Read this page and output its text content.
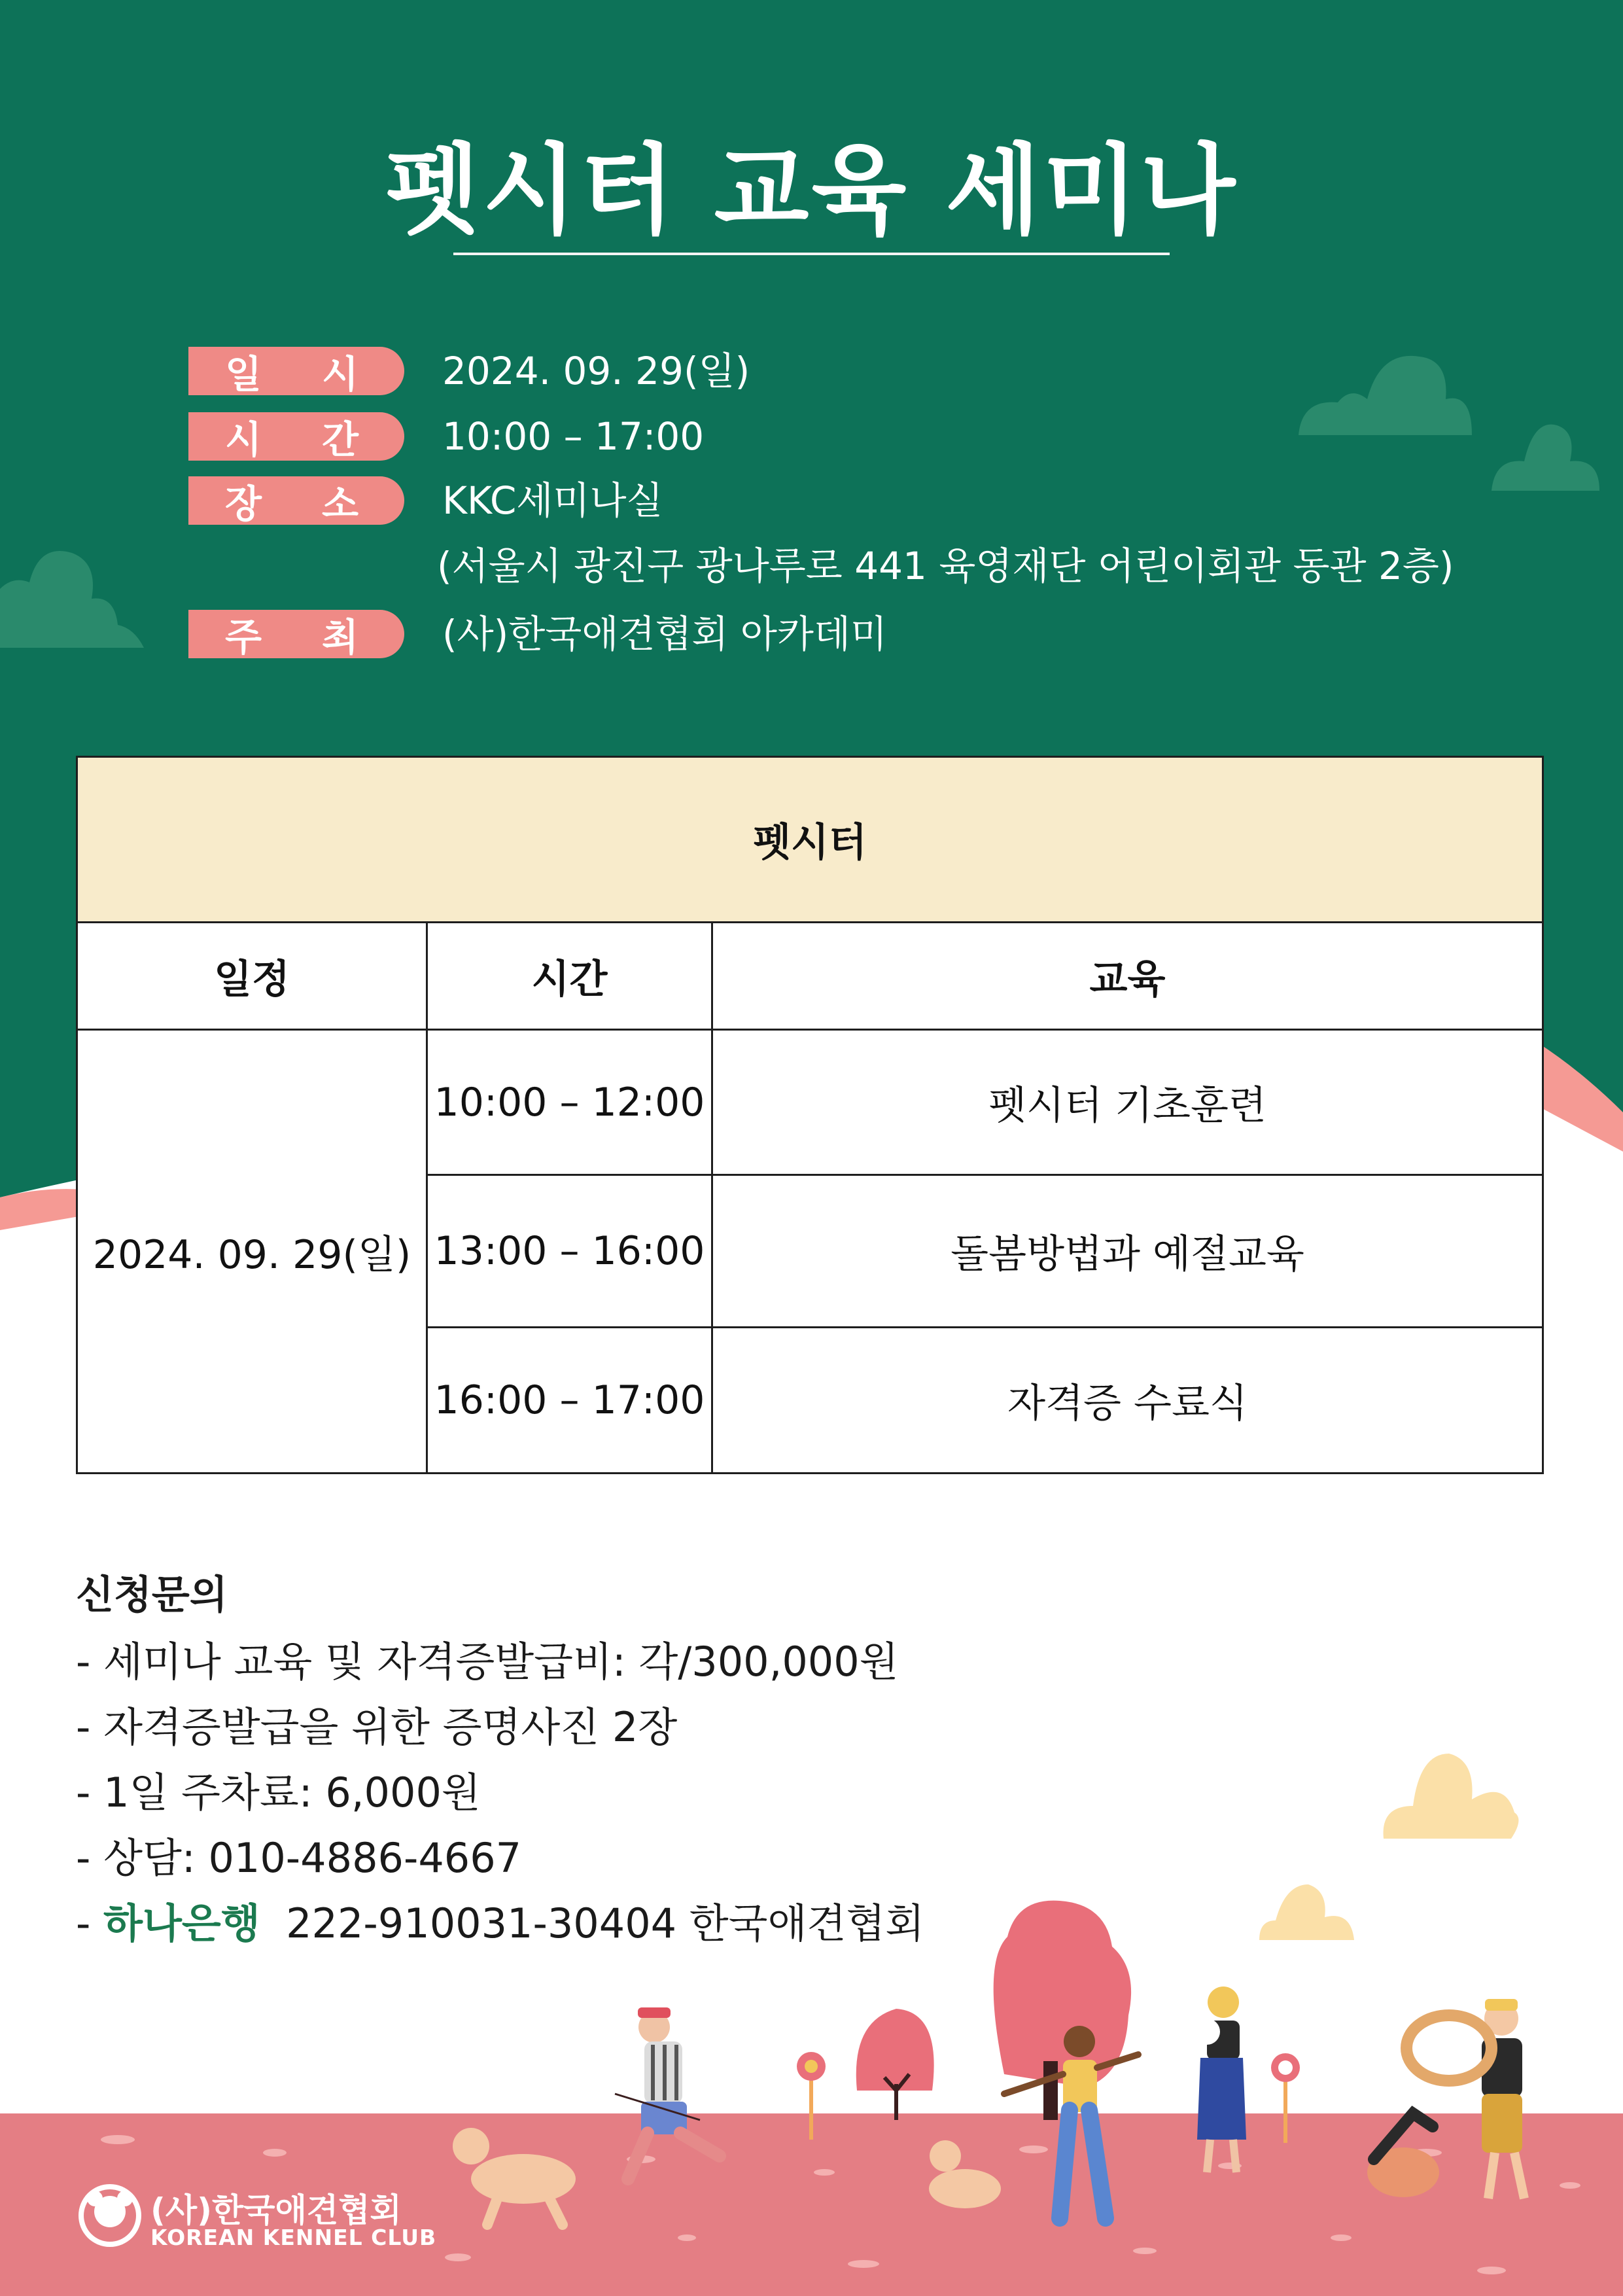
펫시터 교육 세미나
일 시 2024. 09. 29(일)
시 간 10:00 – 17:00
장 소 KKC세미나실
(서울시 광진구 광나루로 441 육영재단 어린이회관 동관 2층)
주 최 (사)한국애견협회 아카데미
펫시터		
일정	시간	교육
2024. 09. 29(일)	10:00 – 12:00	펫시터 기초훈련
	13:00 – 16:00	돌봄방법과 예절교육
	16:00 – 17:00	자격증 수료식
신청문의
- 세미나 교육 및 자격증발급비: 각/300,000원
- 자격증발급을 위한 증명사진 2장
- 1일 주차료: 6,000원
- 상담: 010-4886-4667
- 하나은행 222-910031-30404 한국애견협회
(사)한국애견협회
KOREAN KENNEL CLUB
